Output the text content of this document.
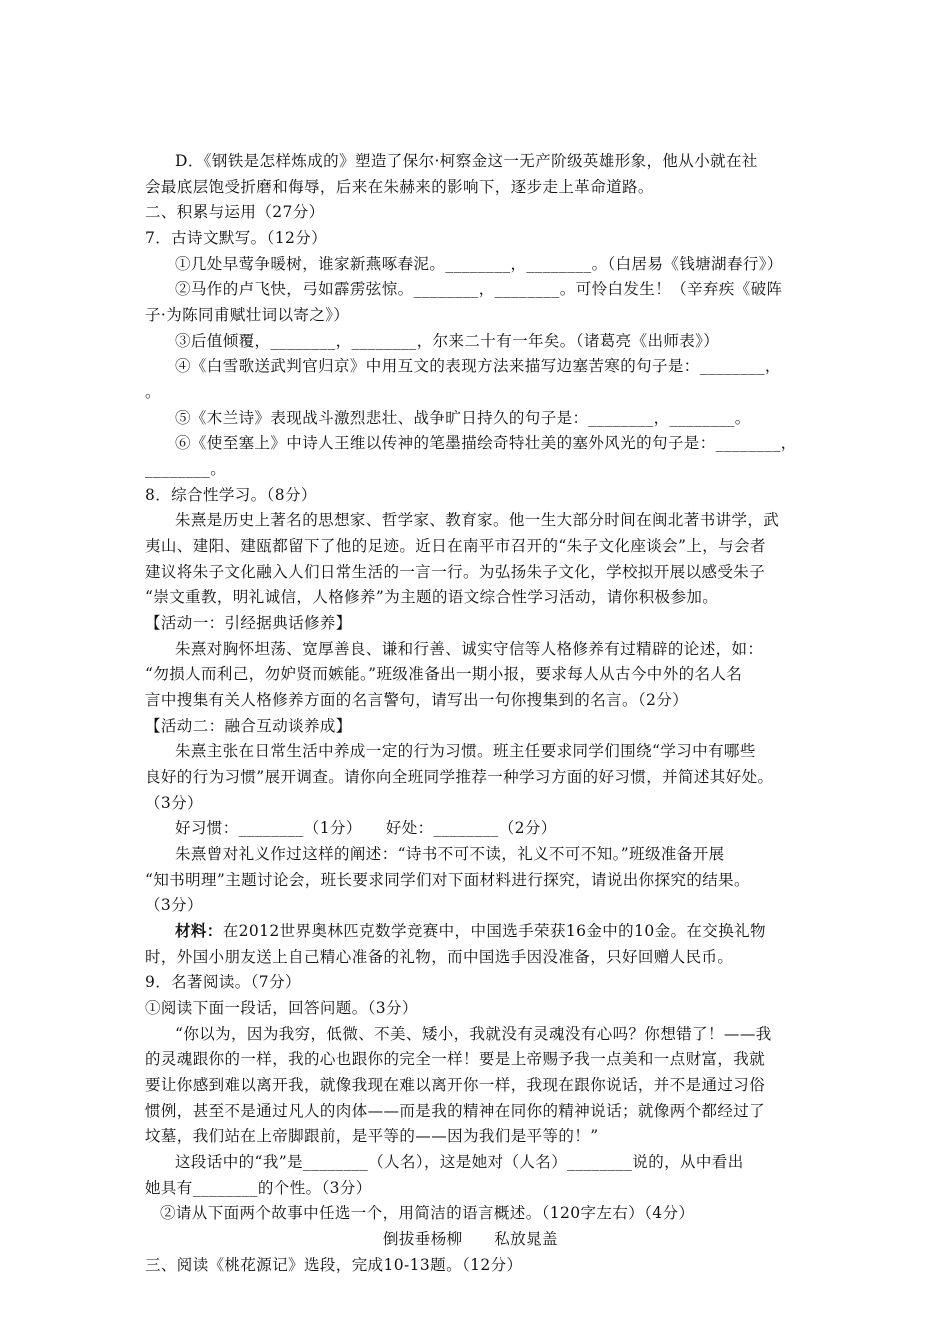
D．《钢铁是怎样炼成的》塑造了保尔·柯察金这一无产阶级英雄形象，他从小就在社
会最底层饱受折磨和侮辱，后来在朱赫来的影响下，逐步走上革命道路。
二、积累与运用（27分）
7．古诗文默写。（12分）
①几处早莺争暖树，谁家新燕啄春泥。________，________。（白居易《钱塘湖春行》）
②马作的卢飞快，弓如霹雳弦惊。________，________。可怜白发生！（辛弃疾《破阵
子·为陈同甫赋壮词以寄之》）
③后值倾覆，________，________，尔来二十有一年矣。（诸葛亮《出师表》）
④《白雪歌送武判官归京》中用互文的表现方法来描写边塞苦寒的句子是：________，
。
⑤《木兰诗》表现战斗激烈悲壮、战争旷日持久的句子是：________，________。
⑥《使至塞上》中诗人王维以传神的笔墨描绘奇特壮美的塞外风光的句子是：________，
________。
8．综合性学习。（8分）
朱熹是历史上著名的思想家、哲学家、教育家。他一生大部分时间在闽北著书讲学，武
夷山、建阳、建瓯都留下了他的足迹。近日在南平市召开的“朱子文化座谈会”上，与会者
建议将朱子文化融入人们日常生活的一言一行。为弘扬朱子文化，学校拟开展以感受朱子
“崇文重教，明礼诚信，人格修养”为主题的语文综合性学习活动，请你积极参加。
【活动一：引经据典话修养】
朱熹对胸怀坦荡、宽厚善良、谦和行善、诚实守信等人格修养有过精辟的论述，如：
“勿损人而利己，勿妒贤而嫉能。”班级准备出一期小报，要求每人从古今中外的名人名
言中搜集有关人格修养方面的名言警句，请写出一句你搜集到的名言。（2分）
【活动二：融合互动谈养成】
朱熹主张在日常生活中养成一定的行为习惯。班主任要求同学们围绕“学习中有哪些
良好的行为习惯”展开调查。请你向全班同学推荐一种学习方面的好习惯，并简述其好处。
（3分）
好习惯：________（1分）　　好处：________（2分）
朱熹曾对礼义作过这样的阐述：“诗书不可不读，礼义不可不知。”班级准备开展
“知书明理”主题讨论会，班长要求同学们对下面材料进行探究，请说出你探究的结果。
（3分）
材料：在2012世界奥林匹克数学竞赛中，中国选手荣获16金中的10金。在交换礼物
时，外国小朋友送上自己精心准备的礼物，而中国选手因没准备，只好回赠人民币。
9．名著阅读。（7分）
①阅读下面一段话，回答问题。（3分）
“你以为，因为我穷，低微、不美、矮小，我就没有灵魂没有心吗？你想错了！——我
的灵魂跟你的一样，我的心也跟你的完全一样！要是上帝赐予我一点美和一点财富，我就
要让你感到难以离开我，就像我现在难以离开你一样，我现在跟你说话，并不是通过习俗
惯例，甚至不是通过凡人的肉体——而是我的精神在同你的精神说话；就像两个都经过了
坟墓，我们站在上帝脚跟前，是平等的——因为我们是平等的！”
这段话中的“我”是________（人名），这是她对（人名）________说的，从中看出
她具有________的个性。（3分）
②请从下面两个故事中任选一个，用简洁的语言概述。（120字左右）（4分）
倒拔垂杨柳　　私放晁盖
三、阅读《桃花源记》选段，完成10-13题。（12分）
